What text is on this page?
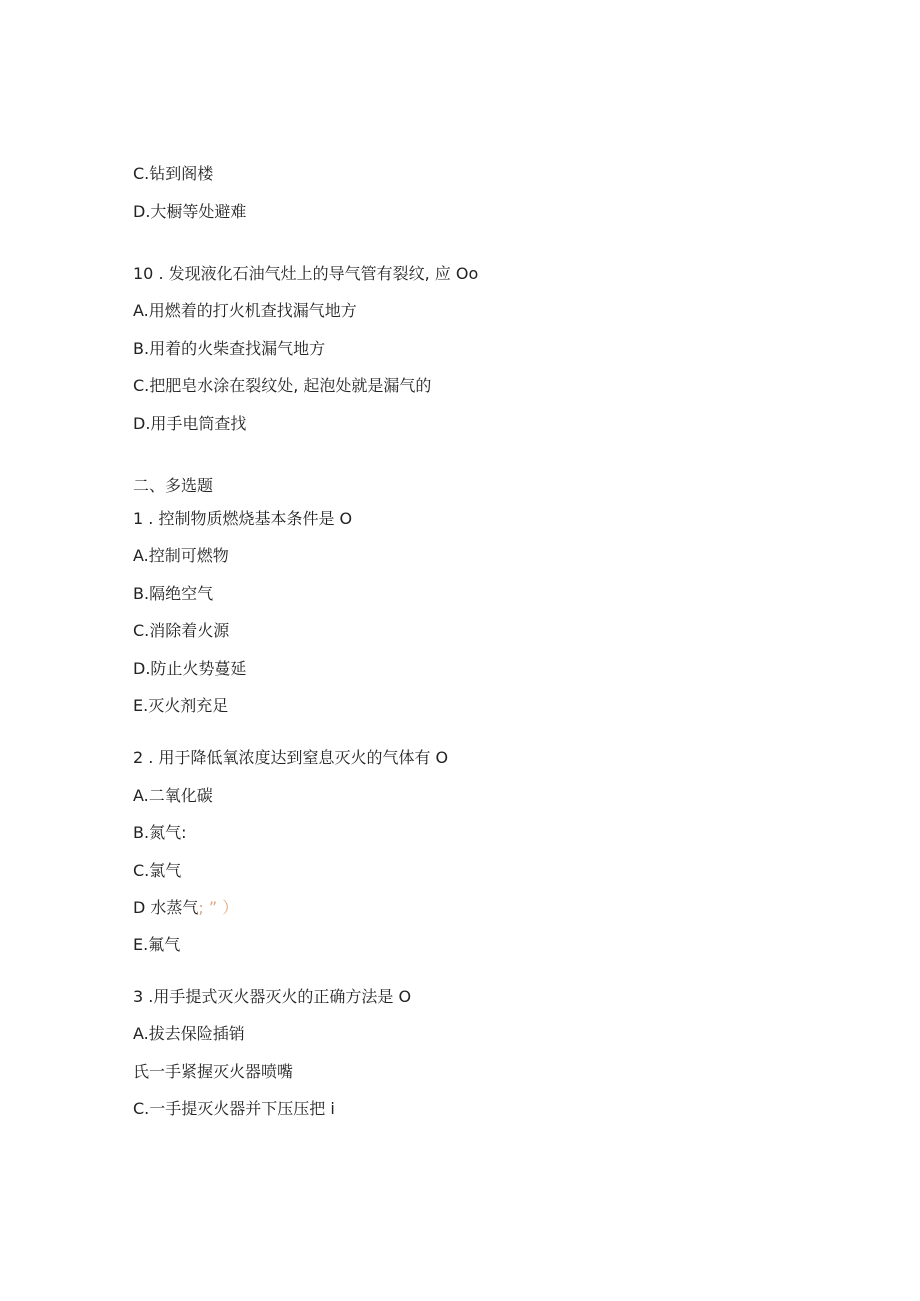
C.钻到阁楼
D.大橱等处避难
10 . 发现液化石油气灶上的导气管有裂纹, 应 Oo
A.用燃着的打火机查找漏气地方
B.用着的火柴查找漏气地方
C.把肥皂水涂在裂纹处, 起泡处就是漏气的
D.用手电筒查找
二、多选题
1 . 控制物质燃烧基本条件是 O
A.控制可燃物
B.隔绝空气
C.消除着火源
D.防止火势蔓延
E.灭火剂充足
2 . 用于降低氧浓度达到窒息灭火的气体有 O
A.二氧化碳
B.氮气:
C.氯气
D 水蒸气; ” ）
E.氟气
3 .用手提式灭火器灭火的正确方法是 O
A.拔去保险插销
氏一手紧握灭火器喷嘴
C.一手提灭火器并下压压把 i
